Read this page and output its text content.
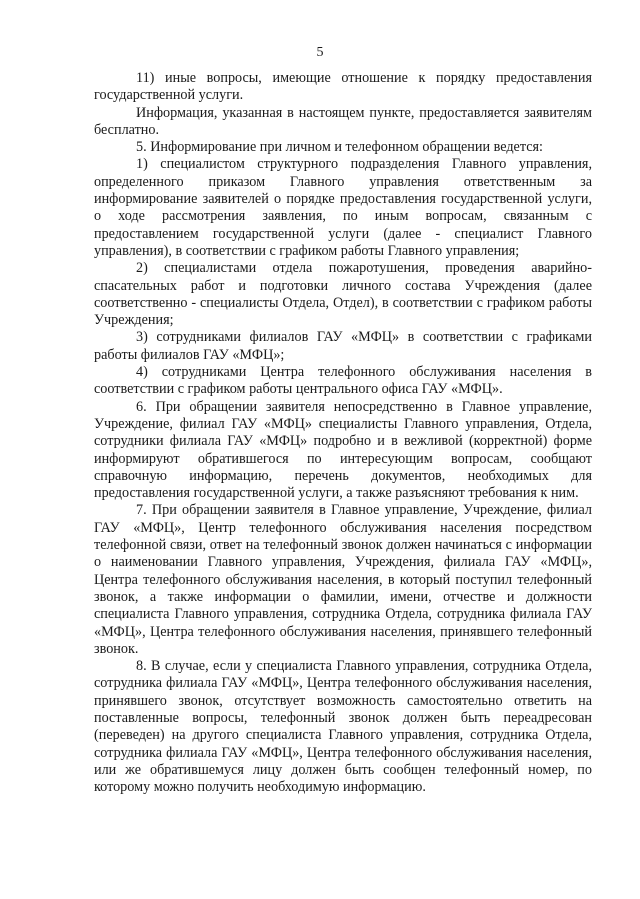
5

11) иные вопросы, имеющие отношение к порядку предоставления государственной услуги.

Информация, указанная в настоящем пункте, предоставляется заявителям бесплатно.

5. Информирование при личном и телефонном обращении ведется:

1) специалистом структурного подразделения Главного управления, определенного приказом Главного управления ответственным за информирование заявителей о порядке предоставления государственной услуги, о ходе рассмотрения заявления, по иным вопросам, связанным с предоставлением государственной услуги (далее - специалист Главного управления), в соответствии с графиком работы Главного управления;

2) специалистами отдела пожаротушения, проведения аварийно-спасательных работ и подготовки личного состава Учреждения (далее соответственно - специалисты Отдела, Отдел), в соответствии с графиком работы Учреждения;

3) сотрудниками филиалов ГАУ «МФЦ» в соответствии с графиками работы филиалов ГАУ «МФЦ»;

4) сотрудниками Центра телефонного обслуживания населения в соответствии с графиком работы центрального офиса ГАУ «МФЦ».

6. При обращении заявителя непосредственно в Главное управление, Учреждение, филиал ГАУ «МФЦ» специалисты Главного управления, Отдела, сотрудники филиала ГАУ «МФЦ» подробно и в вежливой (корректной) форме информируют обратившегося по интересующим вопросам, сообщают справочную информацию, перечень документов, необходимых для предоставления государственной услуги, а также разъясняют требования к ним.

7. При обращении заявителя в Главное управление, Учреждение, филиал ГАУ «МФЦ», Центр телефонного обслуживания населения посредством телефонной связи, ответ на телефонный звонок должен начинаться с информации о наименовании Главного управления, Учреждения, филиала ГАУ «МФЦ», Центра телефонного обслуживания населения, в который поступил телефонный звонок, а также информации о фамилии, имени, отчестве и должности специалиста Главного управления, сотрудника Отдела, сотрудника филиала ГАУ «МФЦ», Центра телефонного обслуживания населения, принявшего телефонный звонок.

8. В случае, если у специалиста Главного управления, сотрудника Отдела, сотрудника филиала ГАУ «МФЦ», Центра телефонного обслуживания населения, принявшего звонок, отсутствует возможность самостоятельно ответить на поставленные вопросы, телефонный звонок должен быть переадресован (переведен) на другого специалиста Главного управления, сотрудника Отдела, сотрудника филиала ГАУ «МФЦ», Центра телефонного обслуживания населения, или же обратившемуся лицу должен быть сообщен телефонный номер, по которому можно получить необходимую информацию.
